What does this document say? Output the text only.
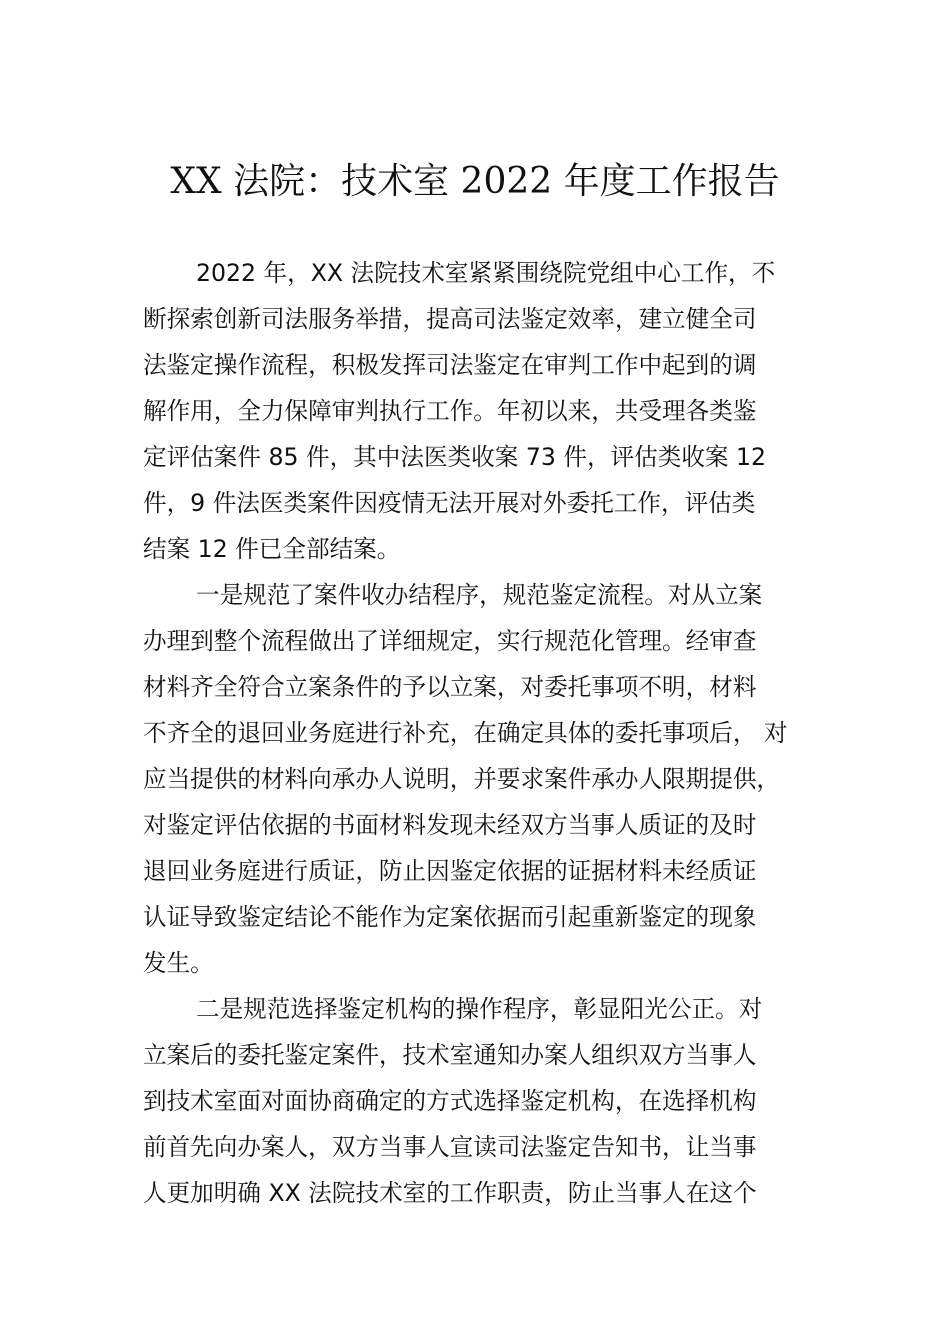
XX 法院：技术室 2022 年度工作报告
2022 年，XX 法院技术室紧紧围绕院党组中心工作，不
断探索创新司法服务举措，提高司法鉴定效率，建立健全司
法鉴定操作流程，积极发挥司法鉴定在审判工作中起到的调
解作用，全力保障审判执行工作。年初以来，共受理各类鉴
定评估案件 85 件，其中法医类收案 73 件，评估类收案 12
件，9 件法医类案件因疫情无法开展对外委托工作，评估类
结案 12 件已全部结案。
一是规范了案件收办结程序，规范鉴定流程。对从立案
办理到整个流程做出了详细规定，实行规范化管理。经审查
材料齐全符合立案条件的予以立案，对委托事项不明，材料
不齐全的退回业务庭进行补充，在确定具体的委托事项后， 对
应当提供的材料向承办人说明，并要求案件承办人限期提供，
对鉴定评估依据的书面材料发现未经双方当事人质证的及时
退回业务庭进行质证，防止因鉴定依据的证据材料未经质证
认证导致鉴定结论不能作为定案依据而引起重新鉴定的现象
发生。
二是规范选择鉴定机构的操作程序，彰显阳光公正。对
立案后的委托鉴定案件，技术室通知办案人组织双方当事人
到技术室面对面协商确定的方式选择鉴定机构，在选择机构
前首先向办案人，双方当事人宣读司法鉴定告知书，让当事
人更加明确 XX 法院技术室的工作职责，防止当事人在这个
